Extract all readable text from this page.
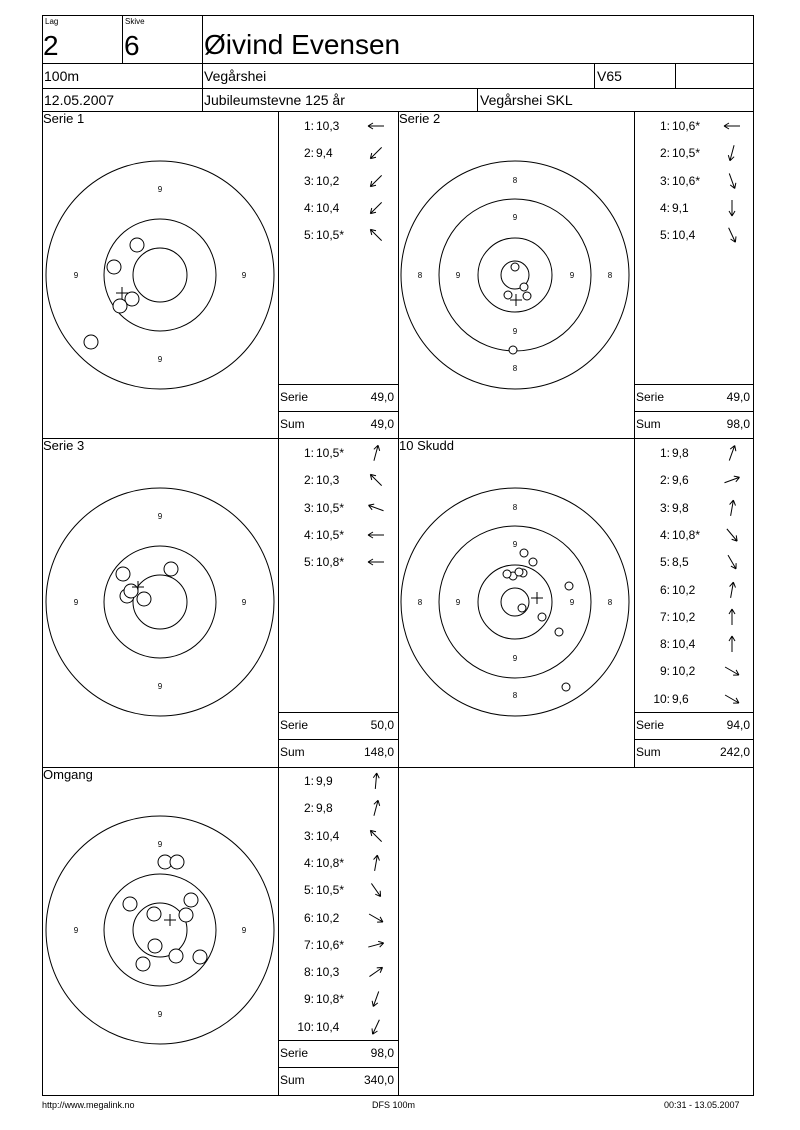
Lag
2
Skive
6 Øivind Evensen
100m	Vegårshei	V65
12.05.2007	Jubileumstevne 125 år	Vegårshei SKL
Serie 1
9
9
9	9
1: 10,3
2: 9,4
3: 10,2
4: 10,4
5: 10,5*
Serie	49,0
Sum	49,0
Serie 2
8
8
8	8
9
9
9	9
1: 10,6*
2: 10,5*
3: 10,6*
4: 9,1
5: 10,4
Serie	49,0
Sum	98,0
Serie 3
9
9
9	9
1: 10,5*
2: 10,3
3: 10,5*
4: 10,5*
5: 10,8*
Serie	50,0
Sum	148,0
10 Skudd
8
8
8	8
9
9
9	9
1: 9,8
2: 9,6
3: 9,8
4: 10,8*
5: 8,5
6: 10,2
7: 10,2
8: 10,4
9: 10,2
10: 9,6
Serie	94,0
Sum	242,0
Omgang
9
9
9	9
1: 9,9
2: 9,8
3: 10,4
4: 10,8*
5: 10,5*
6: 10,2
7: 10,6*
8: 10,3
9: 10,8*
10: 10,4
Serie	98,0
Sum	340,0
http://www.megalink.no	DFS 100m	00:31 - 13.05.2007
